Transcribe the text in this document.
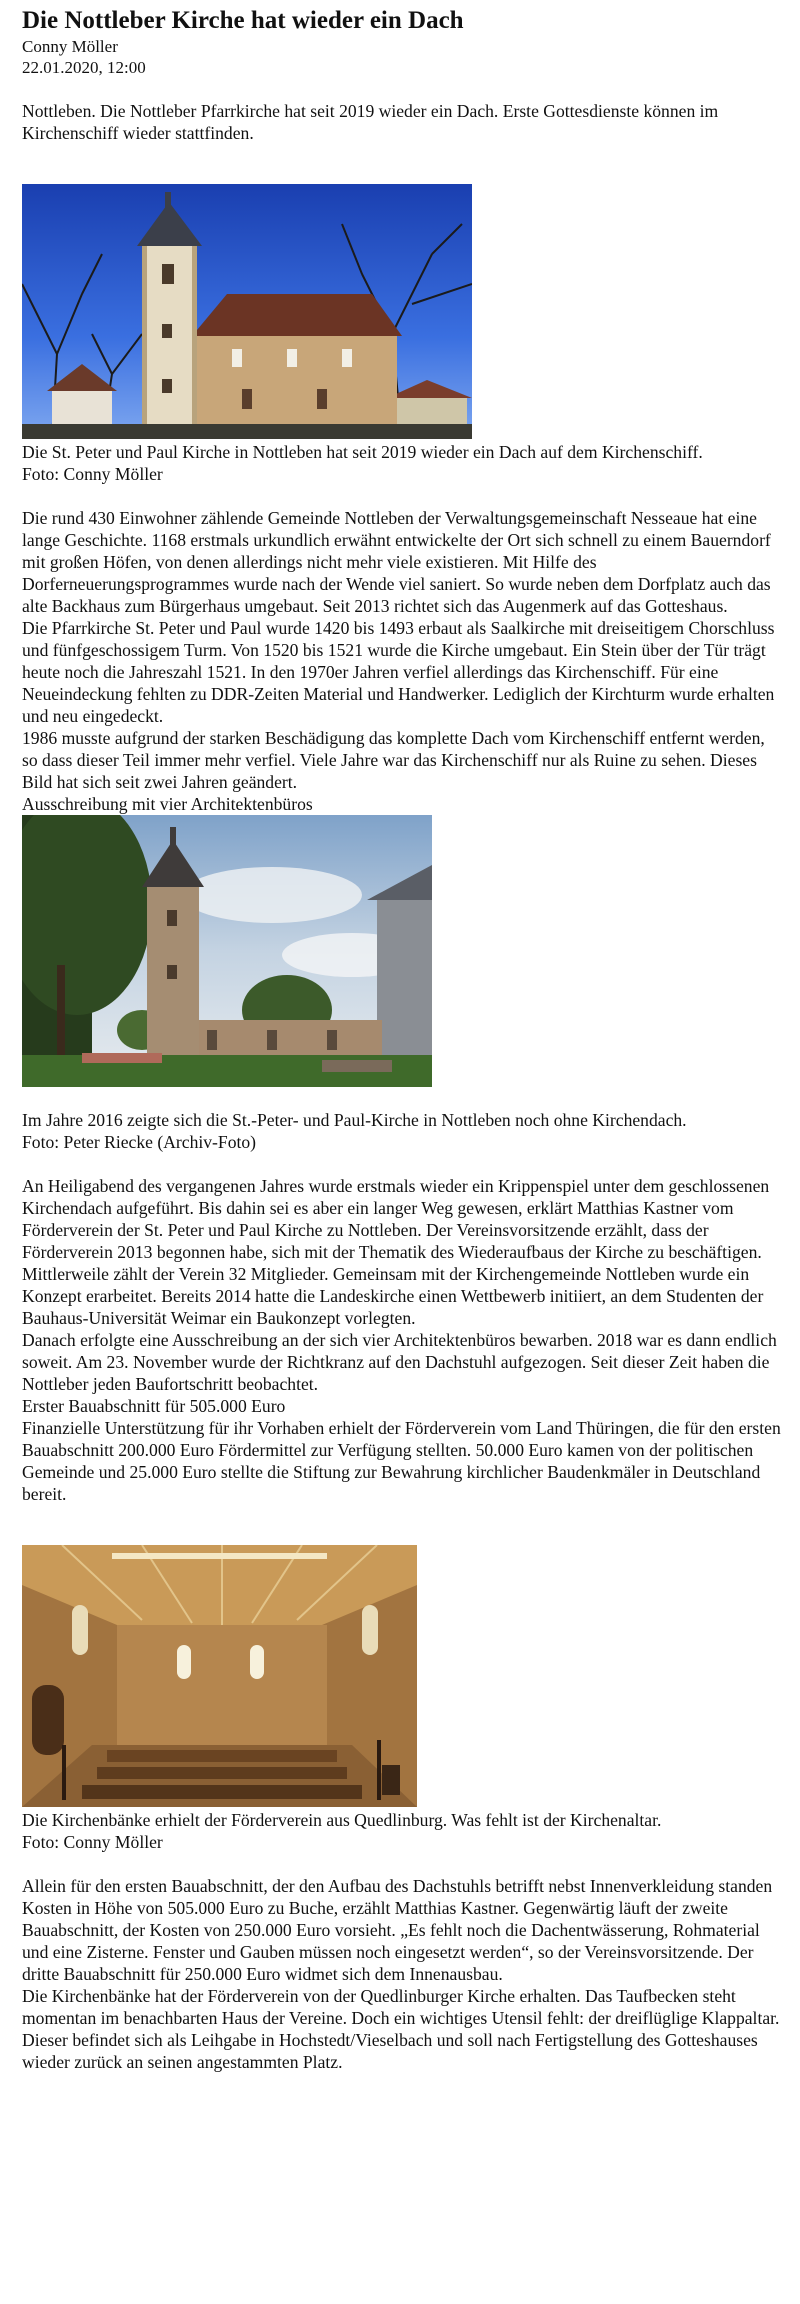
Die Nottleber Kirche hat wieder ein Dach
Conny Möller
22.01.2020, 12:00

Nottleben. Die Nottleber Pfarrkirche hat seit 2019 wieder ein Dach. Erste Gottesdienste können im Kirchenschiff wieder stattfinden.

Die St. Peter und Paul Kirche in Nottleben hat seit 2019 wieder ein Dach auf dem Kirchenschiff.

Foto: Conny Möller

Die rund 430 Einwohner zählende Gemeinde Nottleben der Verwaltungsgemeinschaft Nesseaue hat eine lange Geschichte. 1168 erstmals urkundlich erwähnt entwickelte der Ort sich schnell zu einem Bauerndorf mit großen Höfen, von denen allerdings nicht mehr viele existieren. Mit Hilfe des Dorferneuerungsprogrammes wurde nach der Wende viel saniert. So wurde neben dem Dorfplatz auch das alte Backhaus zum Bürgerhaus umgebaut. Seit 2013 richtet sich das Augenmerk auf das Gotteshaus.

Die Pfarrkirche St. Peter und Paul wurde 1420 bis 1493 erbaut als Saalkirche mit dreiseitigem Chorschluss und fünfgeschossigem Turm. Von 1520 bis 1521 wurde die Kirche umgebaut. Ein Stein über der Tür trägt heute noch die Jahreszahl 1521. In den 1970er Jahren verfiel allerdings das Kirchenschiff. Für eine Neueindeckung fehlten zu DDR-Zeiten Material und Handwerker. Lediglich der Kirchturm wurde erhalten und neu eingedeckt.

1986 musste aufgrund der starken Beschädigung das komplette Dach vom Kirchenschiff entfernt werden, so dass dieser Teil immer mehr verfiel. Viele Jahre war das Kirchenschiff nur als Ruine zu sehen. Dieses Bild hat sich seit zwei Jahren geändert.

Ausschreibung mit vier Architektenbüros

Im Jahre 2016 zeigte sich die St.-Peter- und Paul-Kirche in Nottleben noch ohne Kirchendach.

Foto: Peter Riecke (Archiv-Foto)

An Heiligabend des vergangenen Jahres wurde erstmals wieder ein Krippenspiel unter dem geschlossenen Kirchendach aufgeführt. Bis dahin sei es aber ein langer Weg gewesen, erklärt Matthias Kastner vom Förderverein der St. Peter und Paul Kirche zu Nottleben. Der Vereinsvorsitzende erzählt, dass der Förderverein 2013 begonnen habe, sich mit der Thematik des Wiederaufbaus der Kirche zu beschäftigen.

Mittlerweile zählt der Verein 32 Mitglieder. Gemeinsam mit der Kirchengemeinde Nottleben wurde ein Konzept erarbeitet. Bereits 2014 hatte die Landeskirche einen Wettbewerb initiiert, an dem Studenten der Bauhaus-Universität Weimar ein Baukonzept vorlegten.

Danach erfolgte eine Ausschreibung an der sich vier Architektenbüros bewarben. 2018 war es dann endlich soweit. Am 23. November wurde der Richtkranz auf den Dachstuhl aufgezogen. Seit dieser Zeit haben die Nottleber jeden Baufortschritt beobachtet.

Erster Bauabschnitt für 505.000 Euro

Finanzielle Unterstützung für ihr Vorhaben erhielt der Förderverein vom Land Thüringen, die für den ersten Bauabschnitt 200.000 Euro Fördermittel zur Verfügung stellten. 50.000 Euro kamen von der politischen Gemeinde und 25.000 Euro stellte die Stiftung zur Bewahrung kirchlicher Baudenkmäler in Deutschland bereit.

Die Kirchenbänke erhielt der Förderverein aus Quedlinburg. Was fehlt ist der Kirchenaltar.

Foto: Conny Möller

Allein für den ersten Bauabschnitt, der den Aufbau des Dachstuhls betrifft nebst Innenverkleidung standen Kosten in Höhe von 505.000 Euro zu Buche, erzählt Matthias Kastner. Gegenwärtig läuft der zweite Bauabschnitt, der Kosten von 250.000 Euro vorsieht. „Es fehlt noch die Dachentwässerung, Rohmaterial und eine Zisterne. Fenster und Gauben müssen noch eingesetzt werden“, so der Vereinsvorsitzende. Der dritte Bauabschnitt für 250.000 Euro widmet sich dem Innenausbau.

Die Kirchenbänke hat der Förderverein von der Quedlinburger Kirche erhalten. Das Taufbecken steht momentan im benachbarten Haus der Vereine. Doch ein wichtiges Utensil fehlt: der dreiflüglige Klappaltar. Dieser befindet sich als Leihgabe in Hochstedt/Vieselbach und soll nach Fertigstellung des Gotteshauses wieder zurück an seinen angestammten Platz.
